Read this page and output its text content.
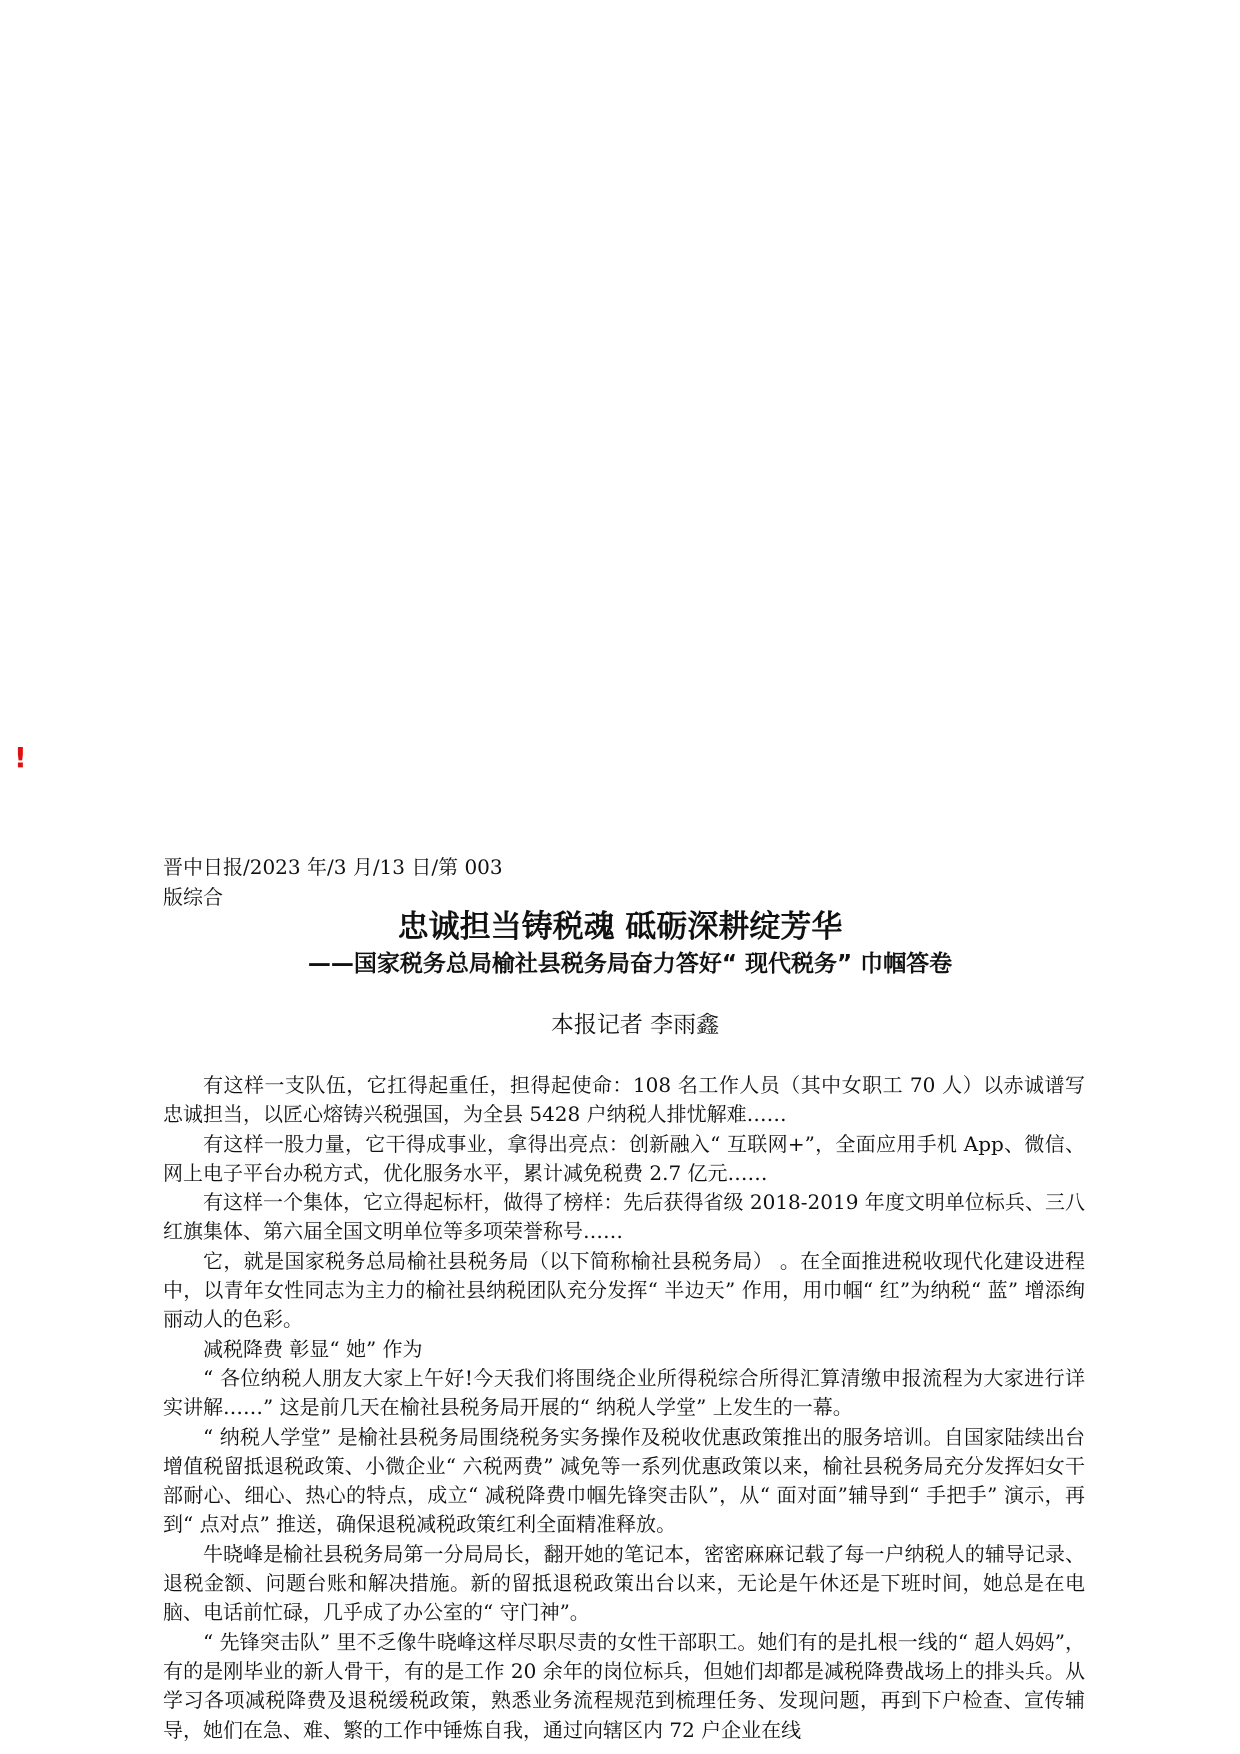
!
晋中日报/2023 年/3 月/13 日/第 003 版综合
忠诚担当铸税魂 砥砺深耕绽芳华
——国家税务总局榆社县税务局奋力答好“ 现代税务” 巾帼答卷
本报记者 李雨鑫

有这样一支队伍，它扛得起重任，担得起使命：108 名工作人员（其中女职工 70 人）以赤诚谱写忠诚担当，以匠心熔铸兴税强国，为全县 5428 户纳税人排忧解难……

有这样一股力量，它干得成事业，拿得出亮点：创新融入“ 互联网+”，全面应用手机 App、微信、网上电子平台办税方式，优化服务水平，累计减免税费 2.7 亿元……

有这样一个集体，它立得起标杆，做得了榜样：先后获得省级 2018-2019 年度文明单位标兵、三八红旗集体、第六届全国文明单位等多项荣誉称号……

它，就是国家税务总局榆社县税务局（以下简称榆社县税务局） 。在全面推进税收现代化建设进程中，以青年女性同志为主力的榆社县纳税团队充分发挥“ 半边天” 作用，用巾帼“ 红”为纳税“ 蓝” 增添绚丽动人的色彩。

减税降费 彰显“ 她” 作为

“ 各位纳税人朋友大家上午好!今天我们将围绕企业所得税综合所得汇算清缴申报流程为大家进行详实讲解……” 这是前几天在榆社县税务局开展的“ 纳税人学堂” 上发生的一幕。

“ 纳税人学堂” 是榆社县税务局围绕税务实务操作及税收优惠政策推出的服务培训。自国家陆续出台增值税留抵退税政策、小微企业“ 六税两费” 减免等一系列优惠政策以来，榆社县税务局充分发挥妇女干部耐心、细心、热心的特点，成立“ 减税降费巾帼先锋突击队”，从“ 面对面”辅导到“ 手把手” 演示，再到“ 点对点” 推送，确保退税减税政策红利全面精准释放。

牛晓峰是榆社县税务局第一分局局长，翻开她的笔记本，密密麻麻记载了每一户纳税人的辅导记录、退税金额、问题台账和解决措施。新的留抵退税政策出台以来，无论是午休还是下班时间，她总是在电脑、电话前忙碌，几乎成了办公室的“ 守门神”。

“ 先锋突击队” 里不乏像牛晓峰这样尽职尽责的女性干部职工。她们有的是扎根一线的“ 超人妈妈”，有的是刚毕业的新人骨干，有的是工作 20 余年的岗位标兵，但她们却都是减税降费战场上的排头兵。从学习各项减税降费及退税缓税政策，熟悉业务流程规范到梳理任务、发现问题，再到下户检查、宣传辅导，她们在急、难、繁的工作中锤炼自我，通过向辖区内 72 户企业在线
